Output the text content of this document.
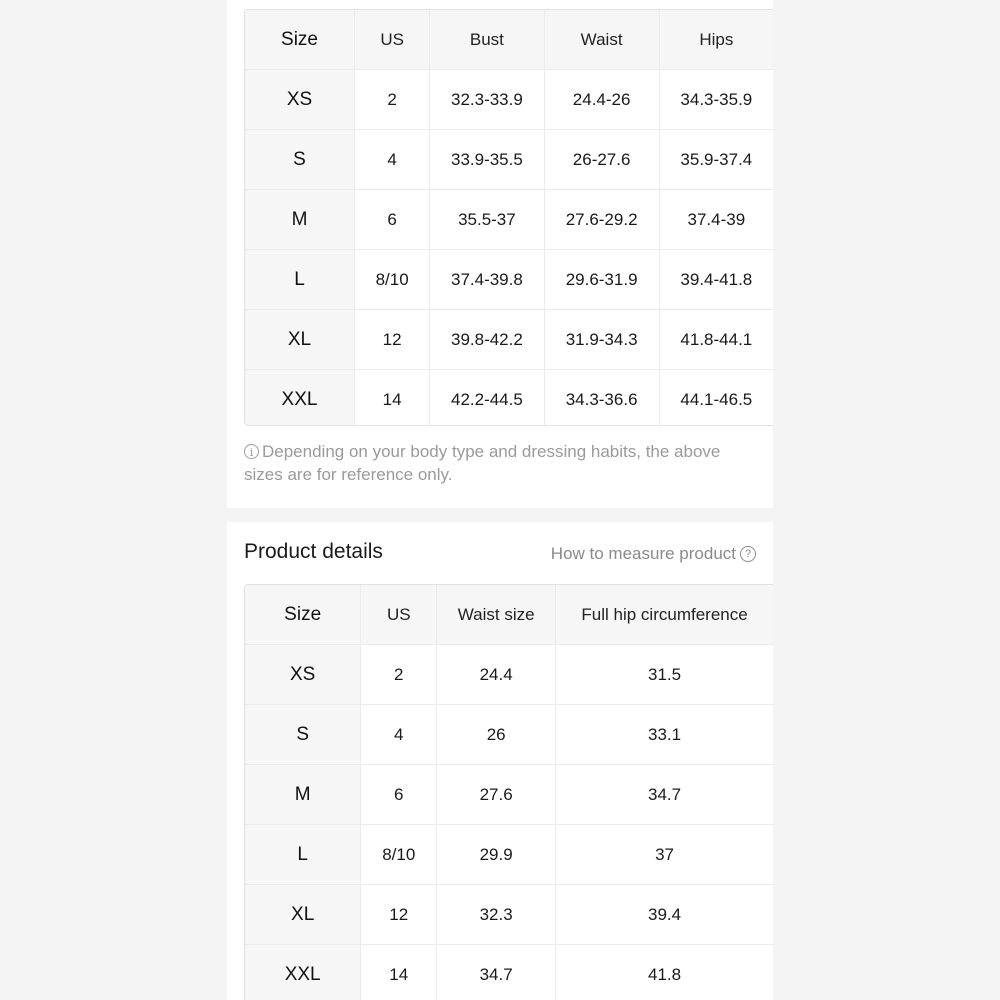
Size	US	Bust	Waist	Hips
XS	2	32.3-33.9	24.4-26	34.3-35.9
S	4	33.9-35.5	26-27.6	35.9-37.4
M	6	35.5-37	27.6-29.2	37.4-39
L	8/10	37.4-39.8	29.6-31.9	39.4-41.8
XL	12	39.8-42.2	31.9-34.3	41.8-44.1
XXL	14	42.2-44.5	34.3-36.6	44.1-46.5
i Depending on your body type and dressing habits, the above sizes are for reference only.
Product details	How to measure product ?
Size	US	Waist size	Full hip circumference
XS	2	24.4	31.5
S	4	26	33.1
M	6	27.6	34.7
L	8/10	29.9	37
XL	12	32.3	39.4
XXL	14	34.7	41.8
